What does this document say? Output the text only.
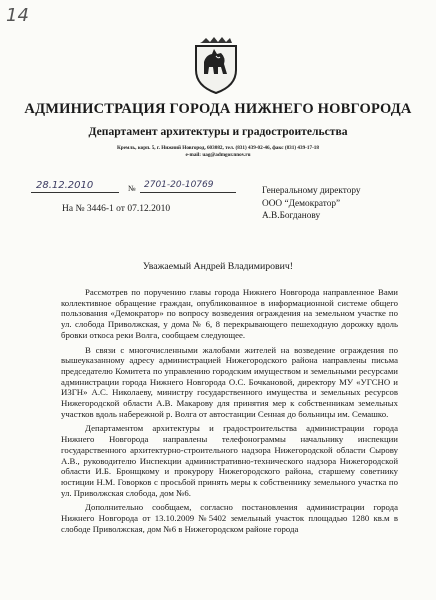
14
АДМИНИСТРАЦИЯ ГОРОДА НИЖНЕГО НОВГОРОДА
Департамент архитектуры и градостроительства
Кремль, корп. 5, г. Нижний Новгород, 603082, тел. (831) 439-02-46, факс (831) 439-17-18
e-mail: uag@admgor.nnov.ru
28.12.2010	№ 2701-20-10769
На № 3446-1 от 07.12.2010
Генеральному директору
ООО “Демократор”
А.В.Богданову
Уважаемый Андрей Владимирович!

Рассмотрев по поручению главы города Нижнего Новгорода направленное Вами коллективное обращение граждан, опубликованное в информационной системе общего пользования «Демократор» по вопросу возведения ограждения на земельном участке по ул. слобода Приволжская, у дома № 6, 8 перекрывающего пешеходную дорожку вдоль бровки откоса реки Волга, сообщаем следующее.

В связи с многочисленными жалобами жителей на возведение ограждения по вышеуказанному адресу администрацией Нижегородского района направлены письма председателю Комитета по управлению городским имуществом и земельными ресурсами администрации города Нижнего Новгорода О.С. Бочкановой, директору МУ «УГСНО и ИЗГН» А.С. Николаеву, министру государственного имущества и земельных ресурсов Нижегородской области А.В. Макарову для принятия мер к собственникам земельных участков вдоль набережной р. Волга от автостанции Сенная до больницы им. Семашко.

Департаментом архитектуры и градостроительства администрации города Нижнего Новгорода направлены телефонограммы начальнику инспекции государственного архитектурно-строительного надзора Нижегородской области Сырову А.В., руководителю Инспекции административно-технического надзора Нижегородской области И.Б. Бронщкому и прокурору Нижегородского района, старшему советнику юстиции Н.М. Говорков с просьбой принять меры к собственнику земельного участка по ул. Приволжская слобода, дом №6.

Дополнительно сообщаем, согласно постановления администрации города Нижнего Новгорода от 13.10.2009 №5402 земельный участок площадью 1280 кв.м в слободе Приволжская, дом №6 в Нижегородском районе города
